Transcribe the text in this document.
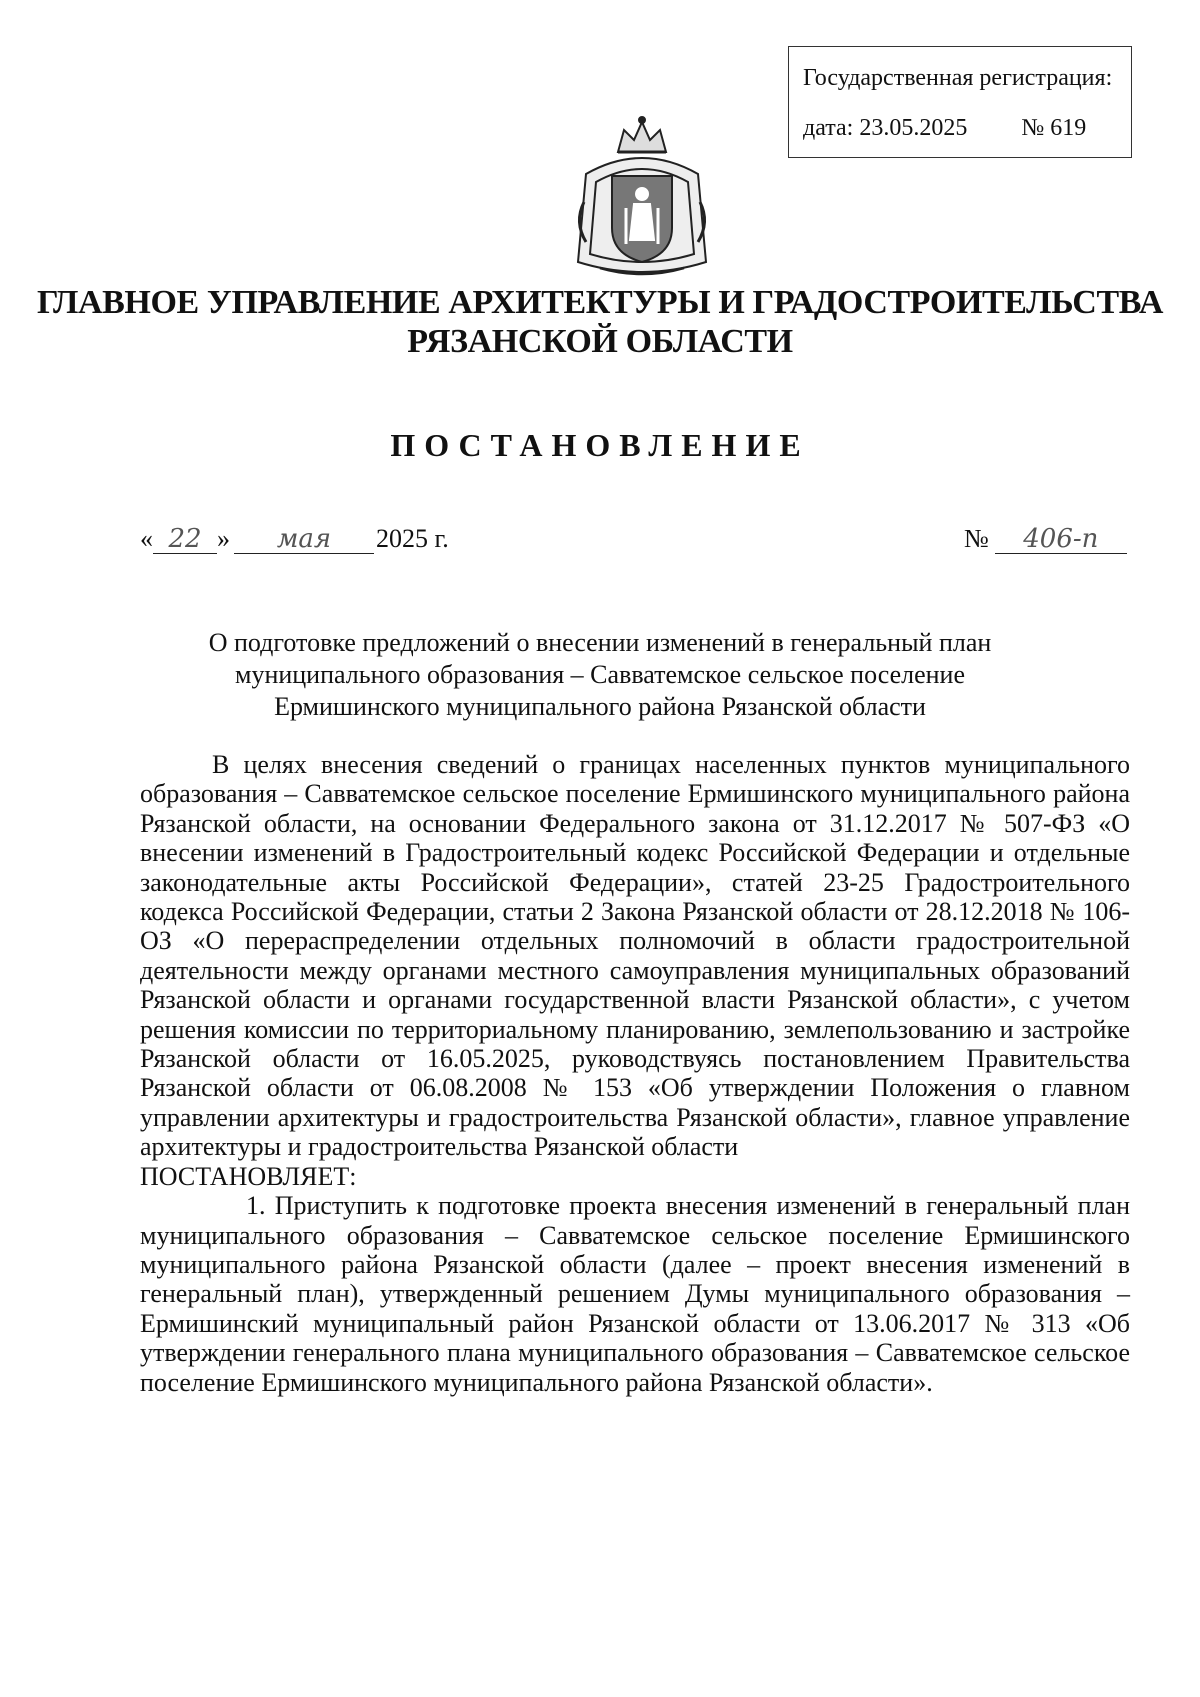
Государственная регистрация:
дата: 23.05.2025 № 619
ГЛАВНОЕ УПРАВЛЕНИЕ АРХИТЕКТУРЫ И ГРАДОСТРОИТЕЛЬСТВА
РЯЗАНСКОЙ ОБЛАСТИ
ПОСТАНОВЛЕНИЕ
« 22 » мая 2025 г.	№ 406-п
О подготовке предложений о внесении изменений в генеральный план
муниципального образования – Савватемское сельское поселение
Ермишинского муниципального района Рязанской области

В целях внесения сведений о границах населенных пунктов муниципального образования – Савватемское сельское поселение Ермишинского муниципального района Рязанской области, на основании Федерального закона от 31.12.2017 № 507-ФЗ «О внесении изменений в Градостроительный кодекс Российской Федерации и отдельные законодательные акты Российской Федерации», статей 23-25 Градостроительного кодекса Российской Федерации, статьи 2 Закона Рязанской области от 28.12.2018 № 106-ОЗ «О перераспределении отдельных полномочий в области градостроительной деятельности между органами местного самоуправления муниципальных образований Рязанской области и органами государственной власти Рязанской области», с учетом решения комиссии по территориальному планированию, землепользованию и застройке Рязанской области от 16.05.2025, руководствуясь постановлением Правительства Рязанской области от 06.08.2008 № 153 «Об утверждении Положения о главном управлении архитектуры и градостроительства Рязанской области», главное управление архитектуры и градостроительства Рязанской области

ПОСТАНОВЛЯЕТ:

1. Приступить к подготовке проекта внесения изменений в генеральный план муниципального образования – Савватемское сельское поселение Ермишинского муниципального района Рязанской области (далее – проект внесения изменений в генеральный план), утвержденный решением Думы муниципального образования – Ермишинский муниципальный район Рязанской области от 13.06.2017 № 313 «Об утверждении генерального плана муниципального образования – Савватемское сельское поселение Ермишинского муниципального района Рязанской области».
